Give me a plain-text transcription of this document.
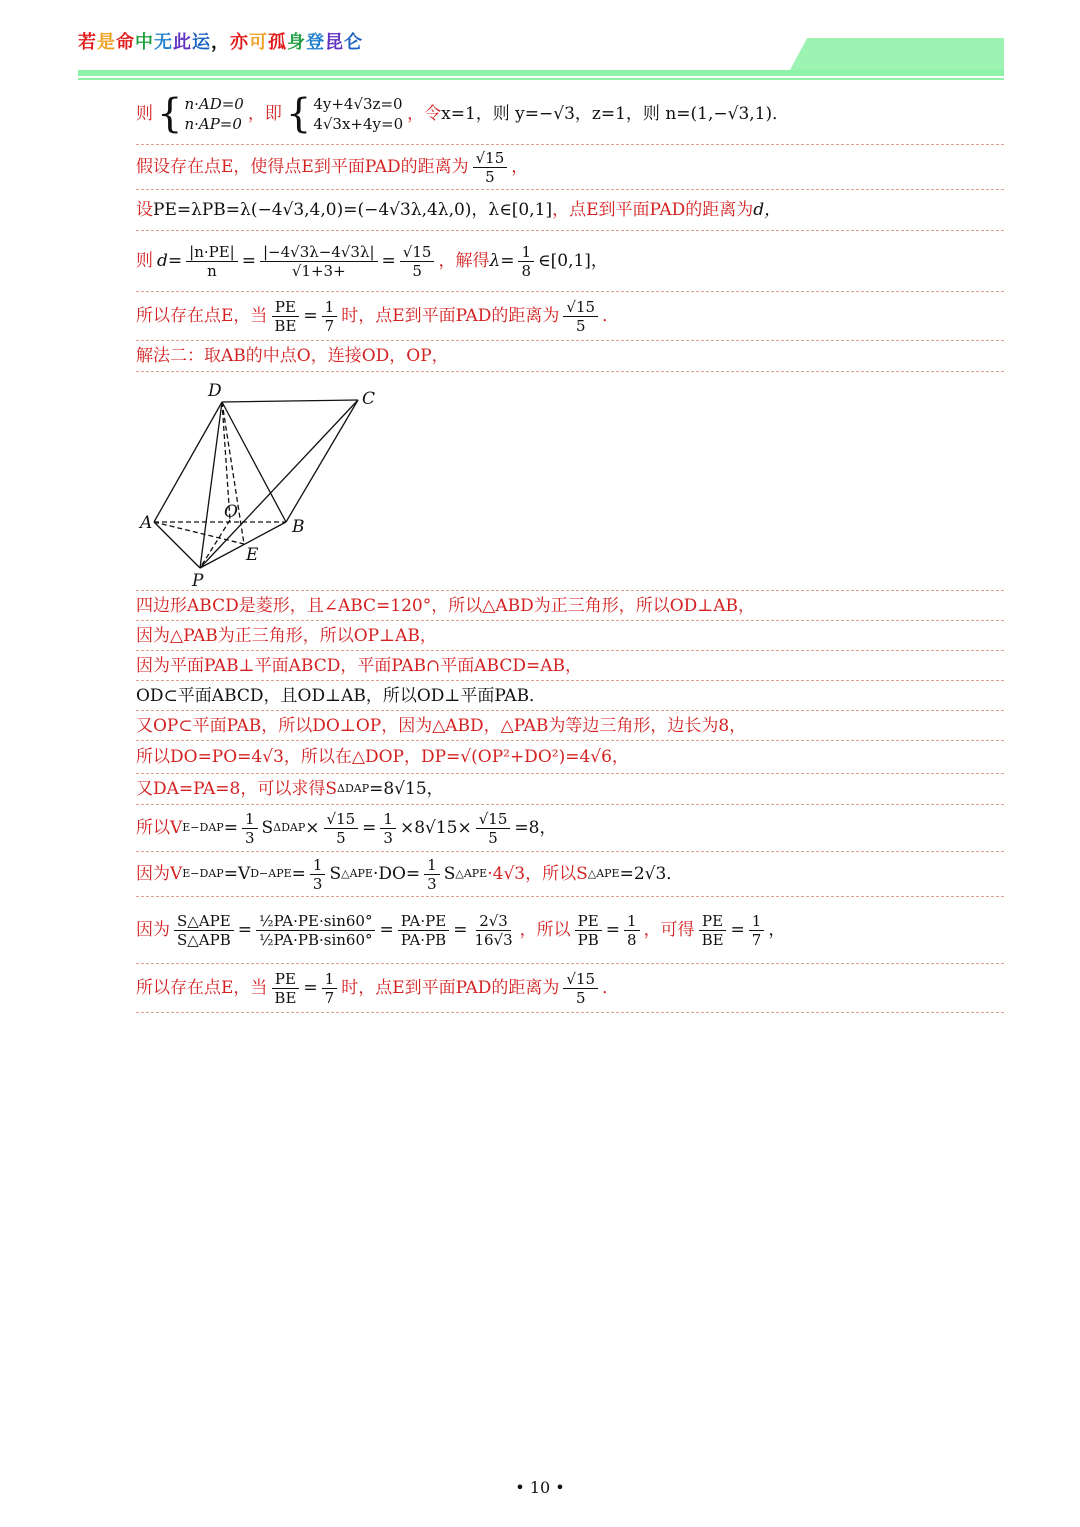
若是命中无此运，亦可孤身登昆仑
则 { n·AD=0
n·AP=0 ，即 { 4y+4√3z=0
4√3x+4y=0 ，令 x=1，则 y=−√3，z=1，则 n=(1,−√3,1)．
假设存在点E，使得点E到平面PAD的距离为 $\frac{√15}{5}$ ，
设 PE=λPB=λ(−4√3,4,0)=(−4√3λ,4λ,0)，λ∈[0,1] ，点E到平面PAD的距离为 d，
则 $d= \frac{|n\cdot PE|}{n} = \frac{|-4√3\lambda-4√3\lambda|}{√1+3+} = \frac{√15}{5}$ ，解得 $\lambda= \frac{1}{8}$ ∈[0,1]，
所以存在点E，当 $\frac{PE}{BE} = \frac{1}{7}$ 时，点E到平面PAD的距离为 $\frac{√15}{5}$ ．
解法二：取AB的中点O，连接OD，OP，
D	C
A
O
B
E
P
四边形ABCD是菱形，且∠ABC=120°，所以△ABD为正三角形，所以OD⊥AB，
因为△PAB为正三角形，所以OP⊥AB，
因为平面PAB⊥平面ABCD，平面PAB∩平面ABCD=AB，
OD⊂平面ABCD，且OD⊥AB，所以OD⊥平面PAB．
又OP⊂平面PAB，所以DO⊥OP，因为△ABD，△PAB为等边三角形，边长为8，
所以DO=PO=4√3，所以在△DOP，DP=√(OP²+DO²)=4√6，
又DA=PA=8，可以求得S ΔDAP =8√15，
所以V $E-DAP = \frac{1}{3}$ S $\Delta DAP \times \frac{√15}{5} = \frac{1}{3} \times 8√15\times \frac{√15}{5} =8$，
因为V E−DAP =V $D-APE = \frac{1}{3}$ S △APE $\cdot DO= \frac{1}{3}$ S △APE ·4√3，所以S △APE =2√3．
因为 $\frac{\text{S△APE}}{\text{S△APB}} = \frac{\text{½PA·PE·sin60°}}{\text{½PA·PB·sin60°}} = \frac{PA\cdot PE}{PA\cdot PB} = \frac{2√3}{16√3}$ ，所以 $\frac{PE}{PB} = \frac{1}{8}$ ，可得 $\frac{PE}{BE} = \frac{1}{7}$ ，
所以存在点E，当 $\frac{PE}{BE} = \frac{1}{7}$ 时，点E到平面PAD的距离为 $\frac{√15}{5}$ ．
• 10 •
